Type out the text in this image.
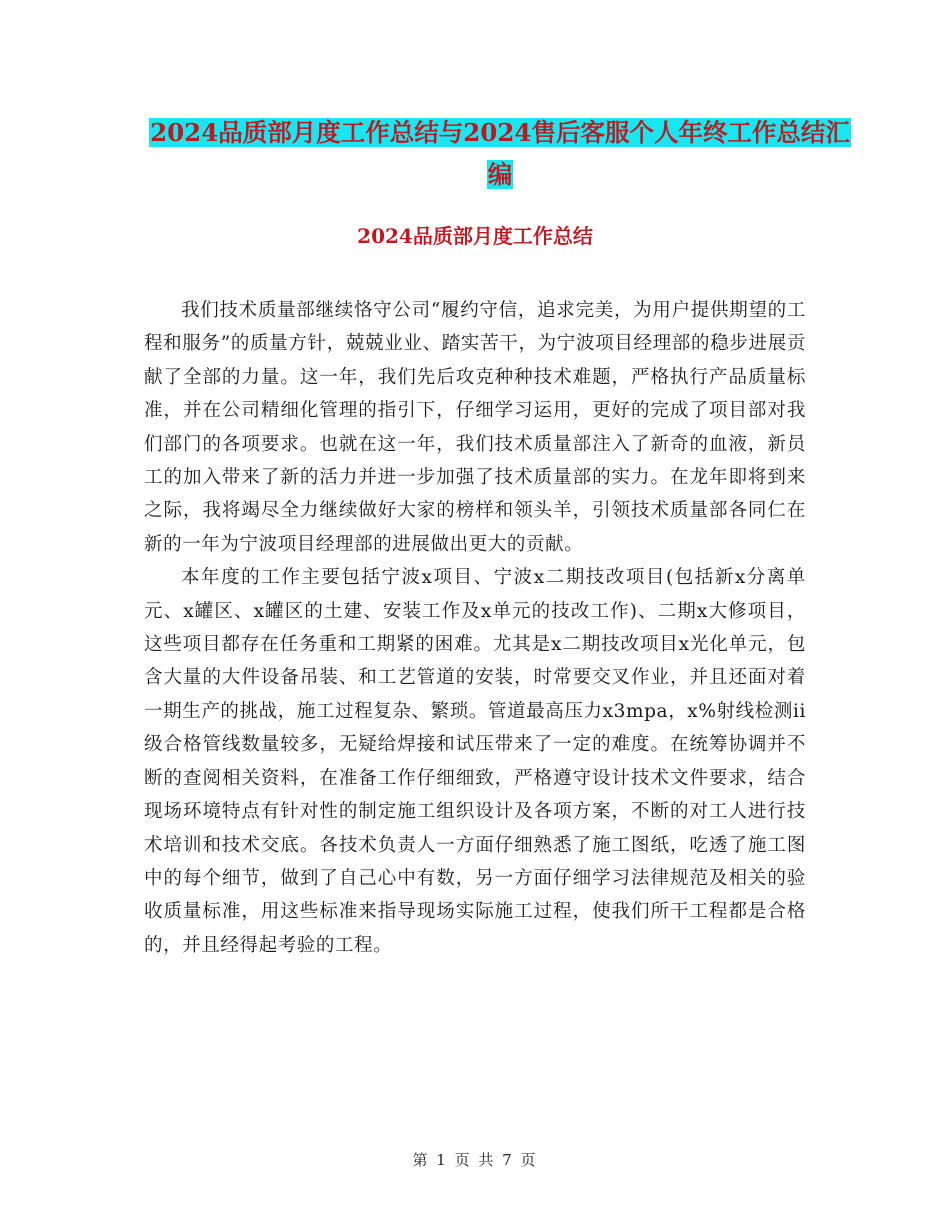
2024品质部月度工作总结与2024售后客服个人年终工作总结汇编
2024品质部月度工作总结

我们技术质量部继续恪守公司“履约守信，追求完美，为用户提供期望的工程和服务”的质量方针，兢兢业业、踏实苦干，为宁波项目经理部的稳步进展贡献了全部的力量。这一年，我们先后攻克种种技术难题，严格执行产品质量标准，并在公司精细化管理的指引下，仔细学习运用，更好的完成了项目部对我们部门的各项要求。也就在这一年，我们技术质量部注入了新奇的血液，新员工的加入带来了新的活力并进一步加强了技术质量部的实力。在龙年即将到来之际，我将竭尽全力继续做好大家的榜样和领头羊，引领技术质量部各同仁在新的一年为宁波项目经理部的进展做出更大的贡献。

本年度的工作主要包括宁波x项目、宁波x二期技改项目(包括新x分离单元、x罐区、x罐区的土建、安装工作及x单元的技改工作)、二期x大修项目，这些项目都存在任务重和工期紧的困难。尤其是x二期技改项目x光化单元，包含大量的大件设备吊装、和工艺管道的安装，时常要交叉作业，并且还面对着一期生产的挑战，施工过程复杂、繁琐。管道最高压力x3mpa，x%射线检测ii级合格管线数量较多，无疑给焊接和试压带来了一定的难度。在统筹协调并不断的查阅相关资料，在准备工作仔细细致，严格遵守设计技术文件要求，结合现场环境特点有针对性的制定施工组织设计及各项方案，不断的对工人进行技术培训和技术交底。各技术负责人一方面仔细熟悉了施工图纸，吃透了施工图中的每个细节，做到了自己心中有数，另一方面仔细学习法律规范及相关的验收质量标准，用这些标准来指导现场实际施工过程，使我们所干工程都是合格的，并且经得起考验的工程。

第 1 页 共 7 页
